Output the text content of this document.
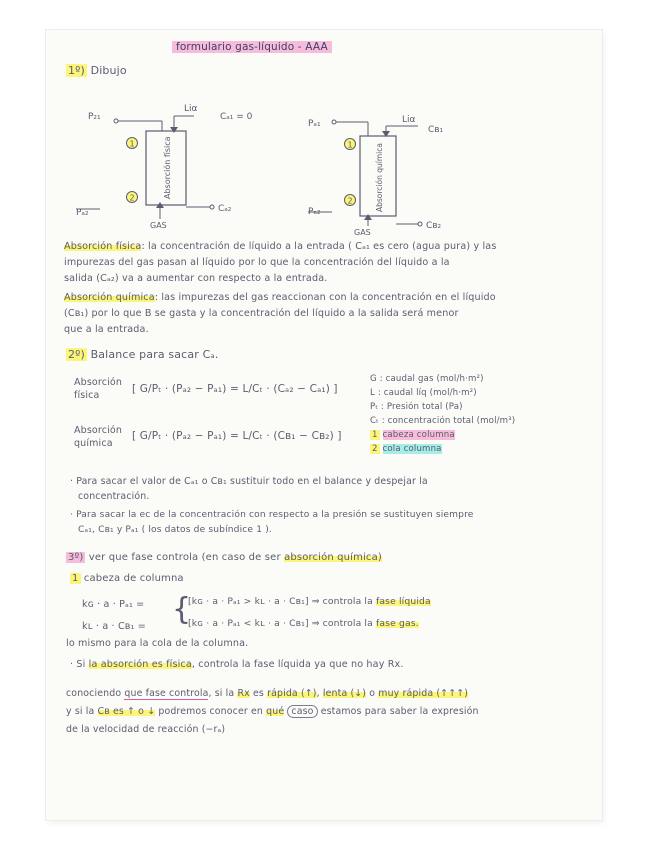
formulario gas-líquido - AAA
1º) Dibujo
P₂₁
Liα
Cₐ₁ = 0
1
2
Pₐ₂
GAS
Cₐ₂
Absorción física
Pₐ₁	Liα
Cʙ₁
1
2
Pₐ₂
GAS
Cʙ₂
Absorción química
Absorción física: la concentración de líquido a la entrada ( Cₐ₁ es cero (agua pura) y las
impurezas del gas pasan al líquido por lo que la concentración del líquido a la
salida (Cₐ₂) va a aumentar con respecto a la entrada.
Absorción química: las impurezas del gas reaccionan con la concentración en el líquido
(Cʙ₁) por lo que B se gasta y la concentración del líquido a la salida será menor
que a la entrada.
2º) Balance para sacar Cₐ.
Absorción
física
[ G/Pₜ · (Pₐ₂ − Pₐ₁) = L/Cₜ · (Cₐ₂ − Cₐ₁) ]
Absorción
química
[ G/Pₜ · (Pₐ₂ − Pₐ₁) = L/Cₜ · (Cʙ₁ − Cʙ₂) ]
G : caudal gas (mol/h·m²)
L : caudal líq (mol/h·m²)
Pₜ : Presión total (Pa)
Cₜ : concentración total (mol/m³)
1 cabeza columna
2 cola columna
· Para sacar el valor de Cₐ₁ o Cʙ₁ sustituir todo en el balance y despejar la
concentración.
· Para sacar la ec de la concentración con respecto a la presión se sustituyen siempre
Cₐ₁, Cʙ₁ y Pₐ₁ ( los datos de subíndice 1 ).
3º) ver que fase controla (en caso de ser absorción química)
1 cabeza de columna
kɢ · a · Pₐ₁ =
kʟ · a · Cʙ₁ = {
[kɢ · a · Pₐ₁ > kʟ · a · Cʙ₁] ⇒ controla la fase líquida
[kɢ · a · Pₐ₁ < kʟ · a · Cʙ₁] ⇒ controla la fase gas.
lo mismo para la cola de la columna.
· Si la absorción es física, controla la fase líquida ya que no hay Rx.
conociendo que fase controla, si la Rx es rápida (↑), lenta (↓) o muy rápida (↑↑↑)
y si la Cʙ es ↑ o ↓ podremos conocer en qué caso estamos para saber la expresión
de la velocidad de reacción (−rₐ)
